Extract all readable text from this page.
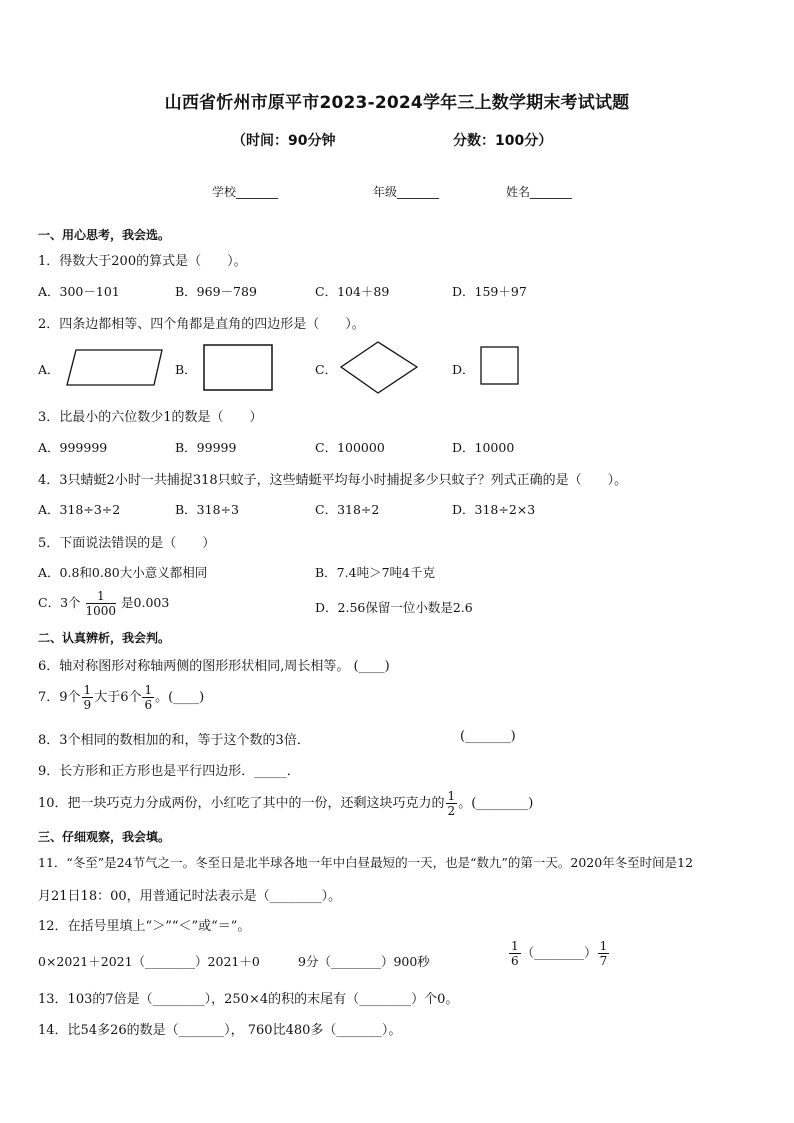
山西省忻州市原平市2023-2024学年三上数学期末考试试题
（时间：90分钟	分数：100分）
学校_______	年级_______	姓名_______
一、用心思考，我会选。
1．得数大于200的算式是（　　）。
A．300－101	B．969－789	C．104＋89	D．159＋97
2．四条边都相等、四个角都是直角的四边形是（　　）。
A．	B．	C．	D．
3．比最小的六位数少1的数是（　　）
A．999999	B．99999	C．100000	D．10000
4．3只蜻蜓2小时一共捕捉318只蚊子，这些蜻蜓平均每小时捕捉多少只蚊子？列式正确的是（　　）。
A．318÷3÷2	B．318÷3	C．318÷2	D．318÷2×3
5．下面说法错误的是（　　）
A．0.8和0.80大小意义都相同	B．7.4吨＞7吨4千克
C．3个 $\frac{1}{1000}$ 是0.003	D．2.56保留一位小数是2.6
二、认真辨析，我会判。
6．轴对称图形对称轴两侧的图形形状相同,周长相等。 (____)
7．9个 $\frac{1}{9}$ 大于6个 $\frac{1}{6}$ 。(____)
8．3个相同的数相加的和，等于这个数的3倍．	(_______)
9．长方形和正方形也是平行四边形．_____．
10．把一块巧克力分成两份，小红吃了其中的一份，还剩这块巧克力的 $\frac{1}{2}$ 。(________)
三、仔细观察，我会填。
11．“冬至”是24节气之一。冬至日是北半球各地一年中白昼最短的一天，也是“数九”的第一天。2020年冬至时间是12
月21日18：00，用普通记时法表示是（________）。
12．在括号里填上“＞”“＜”或“＝”。
0×2021＋2021（________）2021＋0	9分（________）900秒	$\frac{1}{6}$ （________） $\frac{1}{7}$
13．103的7倍是（________），250×4的积的末尾有（________）个0。
14．比54多26的数是（_______）， 760比480多（_______）。
